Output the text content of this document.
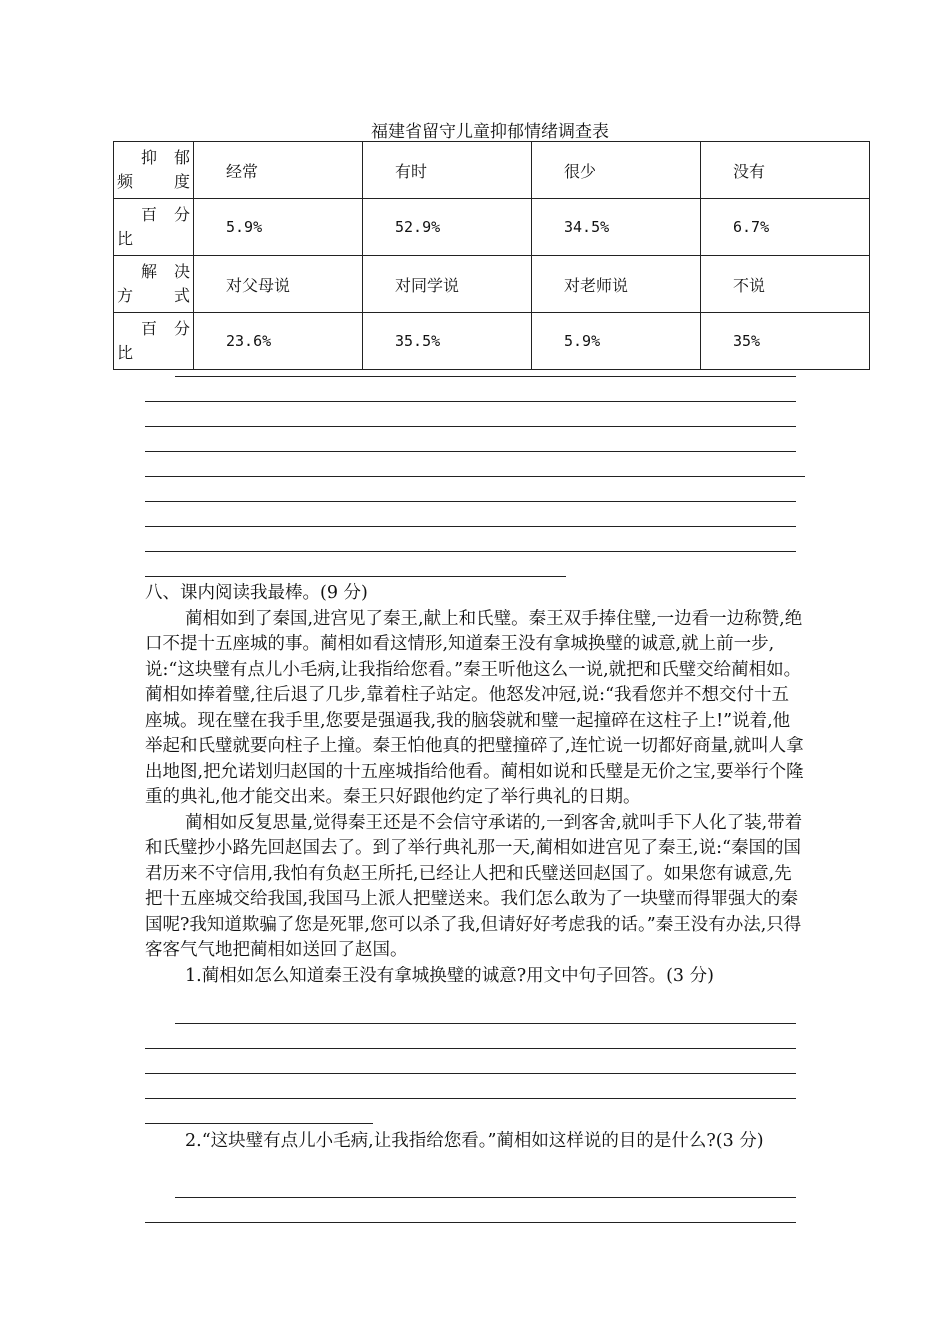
福建省留守儿童抑郁情绪调查表
抑郁
频度	经常	有时	很少	没有

百分
比	5.9%	52.9%	34.5%	6.7%

解决
方式	对父母说	对同学说	对老师说	不说

百分
比	23.6%	35.5%	5.9%	35%

八、课内阅读我最棒。(9 分)

蔺相如到了秦国,进宫见了秦王,献上和氏璧。秦王双手捧住璧,一边看一边称赞,绝口不提十五座城的事。蔺相如看这情形,知道秦王没有拿城换璧的诚意,就上前一步,说:“这块璧有点儿小毛病,让我指给您看。”秦王听他这么一说,就把和氏璧交给蔺相如。蔺相如捧着璧,往后退了几步,靠着柱子站定。他怒发冲冠,说:“我看您并不想交付十五座城。现在璧在我手里,您要是强逼我,我的脑袋就和璧一起撞碎在这柱子上!”说着,他举起和氏璧就要向柱子上撞。秦王怕他真的把璧撞碎了,连忙说一切都好商量,就叫人拿出地图,把允诺划归赵国的十五座城指给他看。蔺相如说和氏璧是无价之宝,要举行个隆重的典礼,他才能交出来。秦王只好跟他约定了举行典礼的日期。

蔺相如反复思量,觉得秦王还是不会信守承诺的,一到客舍,就叫手下人化了装,带着和氏璧抄小路先回赵国去了。到了举行典礼那一天,蔺相如进宫见了秦王,说:“秦国的国君历来不守信用,我怕有负赵王所托,已经让人把和氏璧送回赵国了。如果您有诚意,先把十五座城交给我国,我国马上派人把璧送来。我们怎么敢为了一块璧而得罪强大的秦国呢?我知道欺骗了您是死罪,您可以杀了我,但请好好考虑我的话。”秦王没有办法,只得客客气气地把蔺相如送回了赵国。

1.蔺相如怎么知道秦王没有拿城换璧的诚意?用文中句子回答。(3 分)

2.“这块璧有点儿小毛病,让我指给您看。”蔺相如这样说的目的是什么?(3 分)
